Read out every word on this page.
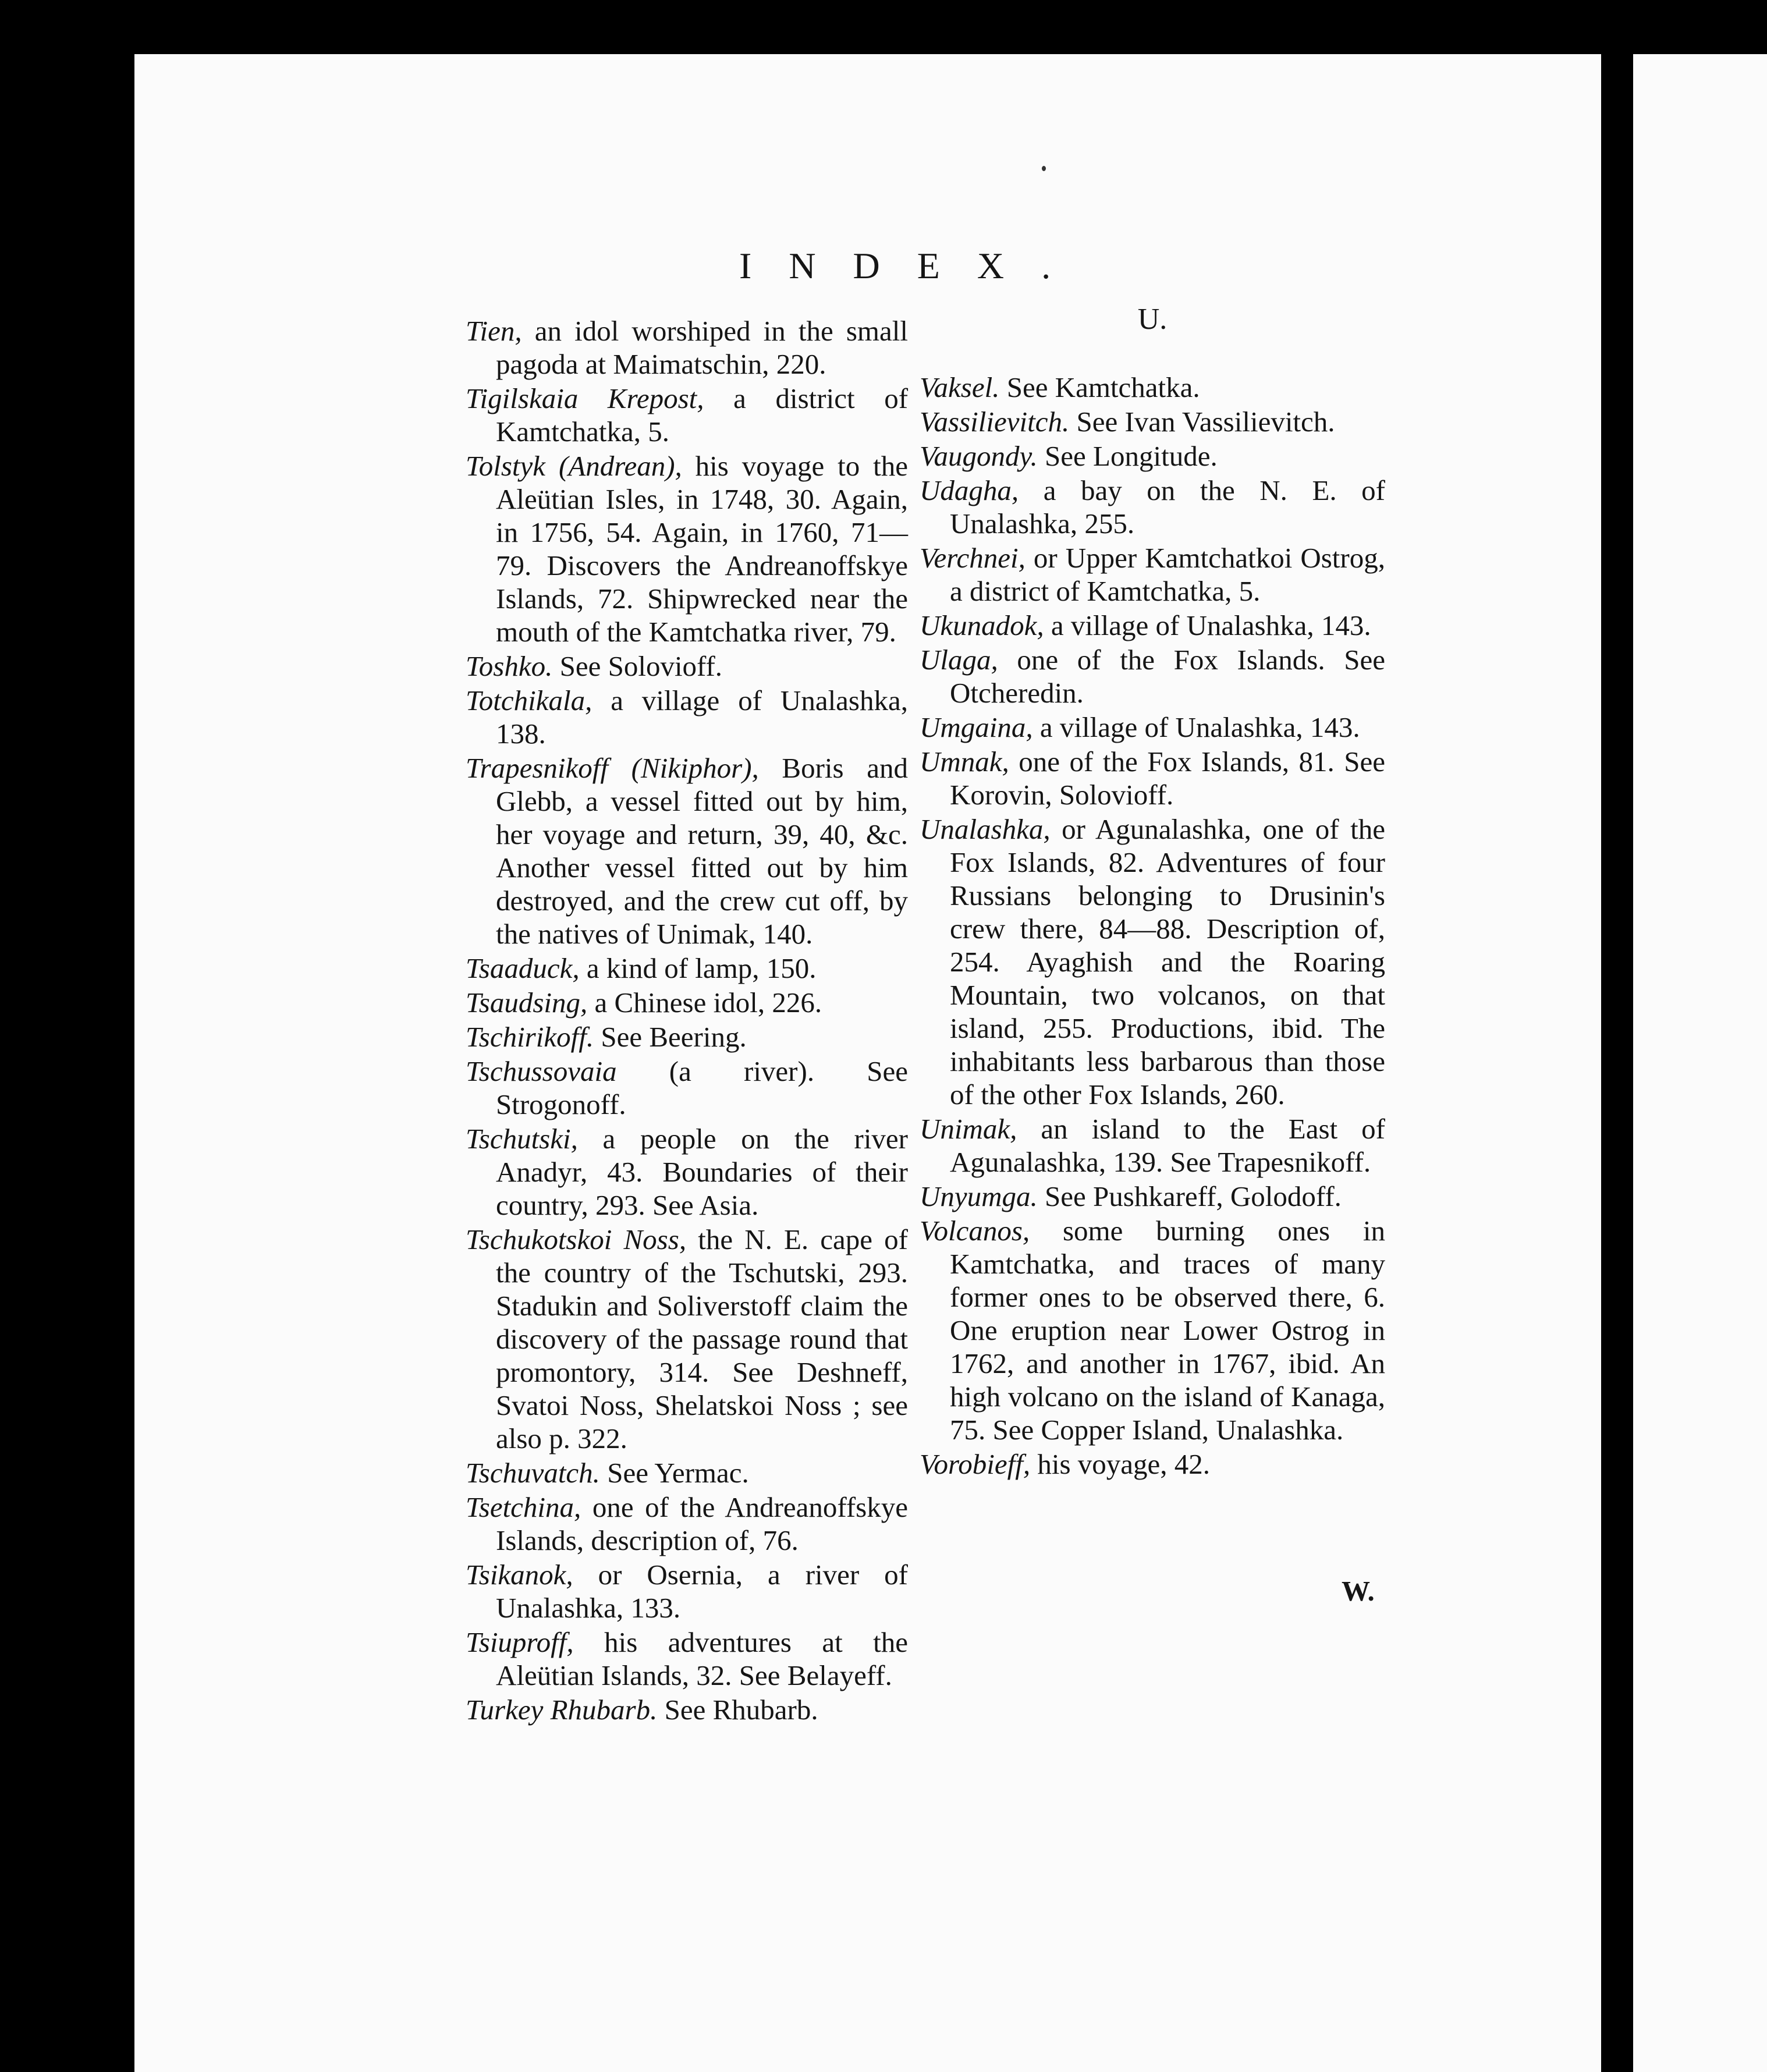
INDEX.

Tien, an idol worshiped in the small pagoda at Maimatschin, 220.

Tigilskaia Krepost, a district of Kamtchatka, 5.

Tolstyk (Andrean), his voyage to the Aleütian Isles, in 1748, 30. Again, in 1756, 54. Again, in 1760, 71—79. Discovers the Andreanoffskye Islands, 72. Shipwrecked near the mouth of the Kamtchatka river, 79.

Toshko. See Solovioff.

Totchikala, a village of Unalashka, 138.

Trapesnikoff (Nikiphor), Boris and Glebb, a vessel fitted out by him, her voyage and return, 39, 40, &c. Another vessel fitted out by him destroyed, and the crew cut off, by the natives of Unimak, 140.

Tsaaduck, a kind of lamp, 150.

Tsaudsing, a Chinese idol, 226.

Tschirikoff. See Beering.

Tschussovaia (a river). See Strogonoff.

Tschutski, a people on the river Anadyr, 43. Boundaries of their country, 293. See Asia.

Tschukotskoi Noss, the N. E. cape of the country of the Tschutski, 293. Stadukin and Soliverstoff claim the discovery of the passage round that promontory, 314. See Deshneff, Svatoi Noss, Shelatskoi Noss ; see also p. 322.

Tschuvatch. See Yermac.

Tsetchina, one of the Andreanoffskye Islands, description of, 76.

Tsikanok, or Osernia, a river of Unalashka, 133.

Tsiuproff, his adventures at the Aleütian Islands, 32. See Belayeff.

Turkey Rhubarb. See Rhubarb.

U.

Vaksel. See Kamtchatka.

Vassilievitch. See Ivan Vassilievitch.

Vaugondy. See Longitude.

Udagha, a bay on the N. E. of Unalashka, 255.

Verchnei, or Upper Kamtchatkoi Ostrog, a district of Kamtchatka, 5.

Ukunadok, a village of Unalashka, 143.

Ulaga, one of the Fox Islands. See Otcheredin.

Umgaina, a village of Unalashka, 143.

Umnak, one of the Fox Islands, 81. See Korovin, Solovioff.

Unalashka, or Agunalashka, one of the Fox Islands, 82. Adventures of four Russians belonging to Drusinin's crew there, 84—88. Description of, 254. Ayaghish and the Roaring Mountain, two volcanos, on that island, 255. Productions, ibid. The inhabitants less barbarous than those of the other Fox Islands, 260.

Unimak, an island to the East of Agunalashka, 139. See Trapesnikoff.

Unyumga. See Pushkareff, Golodoff.

Volcanos, some burning ones in Kamtchatka, and traces of many former ones to be observed there, 6. One eruption near Lower Ostrog in 1762, and another in 1767, ibid. An high volcano on the island of Kanaga, 75. See Copper Island, Unalashka.

Vorobieff, his voyage, 42.

W.
